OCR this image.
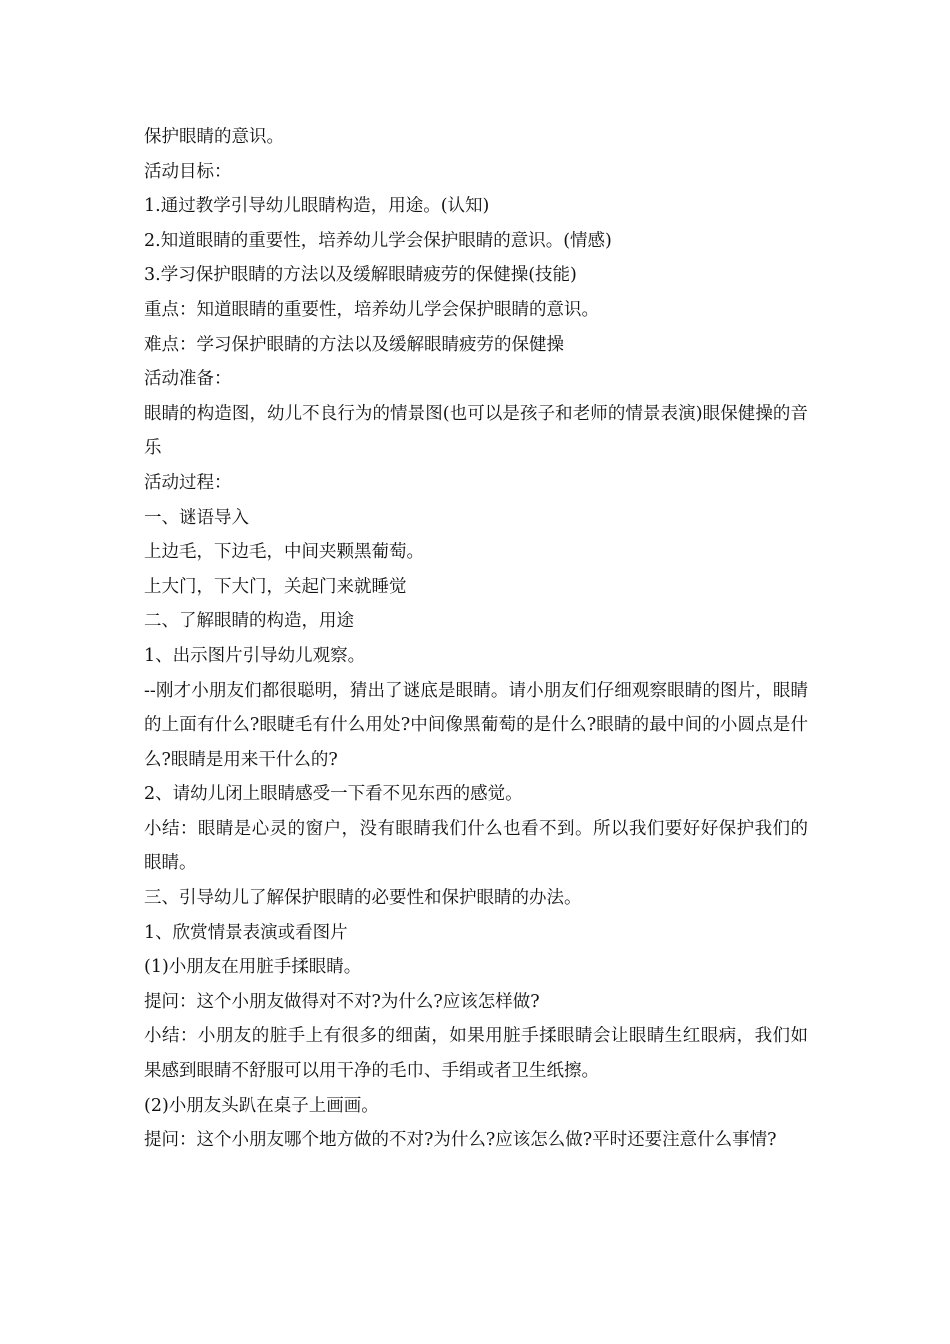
保护眼睛的意识。

活动目标：

1.通过教学引导幼儿眼睛构造，用途。(认知)

2.知道眼睛的重要性，培养幼儿学会保护眼睛的意识。(情感)

3.学习保护眼睛的方法以及缓解眼睛疲劳的保健操(技能)

重点：知道眼睛的重要性，培养幼儿学会保护眼睛的意识。

难点：学习保护眼睛的方法以及缓解眼睛疲劳的保健操

活动准备：

眼睛的构造图，幼儿不良行为的情景图(也可以是孩子和老师的情景表演)眼保健操的音乐

活动过程：

一、谜语导入

上边毛，下边毛，中间夹颗黑葡萄。

上大门，下大门，关起门来就睡觉

二、了解眼睛的构造，用途

1、出示图片引导幼儿观察。

--刚才小朋友们都很聪明，猜出了谜底是眼睛。请小朋友们仔细观察眼睛的图片，眼睛的上面有什么?眼睫毛有什么用处?中间像黑葡萄的是什么?眼睛的最中间的小圆点是什么?眼睛是用来干什么的?

2、请幼儿闭上眼睛感受一下看不见东西的感觉。

小结：眼睛是心灵的窗户，没有眼睛我们什么也看不到。所以我们要好好保护我们的眼睛。

三、引导幼儿了解保护眼睛的必要性和保护眼睛的办法。

1、欣赏情景表演或看图片

(1)小朋友在用脏手揉眼睛。

提问：这个小朋友做得对不对?为什么?应该怎样做?

小结：小朋友的脏手上有很多的细菌，如果用脏手揉眼睛会让眼睛生红眼病，我们如果感到眼睛不舒服可以用干净的毛巾、手绢或者卫生纸擦。

(2)小朋友头趴在桌子上画画。

提问：这个小朋友哪个地方做的不对?为什么?应该怎么做?平时还要注意什么事情?
